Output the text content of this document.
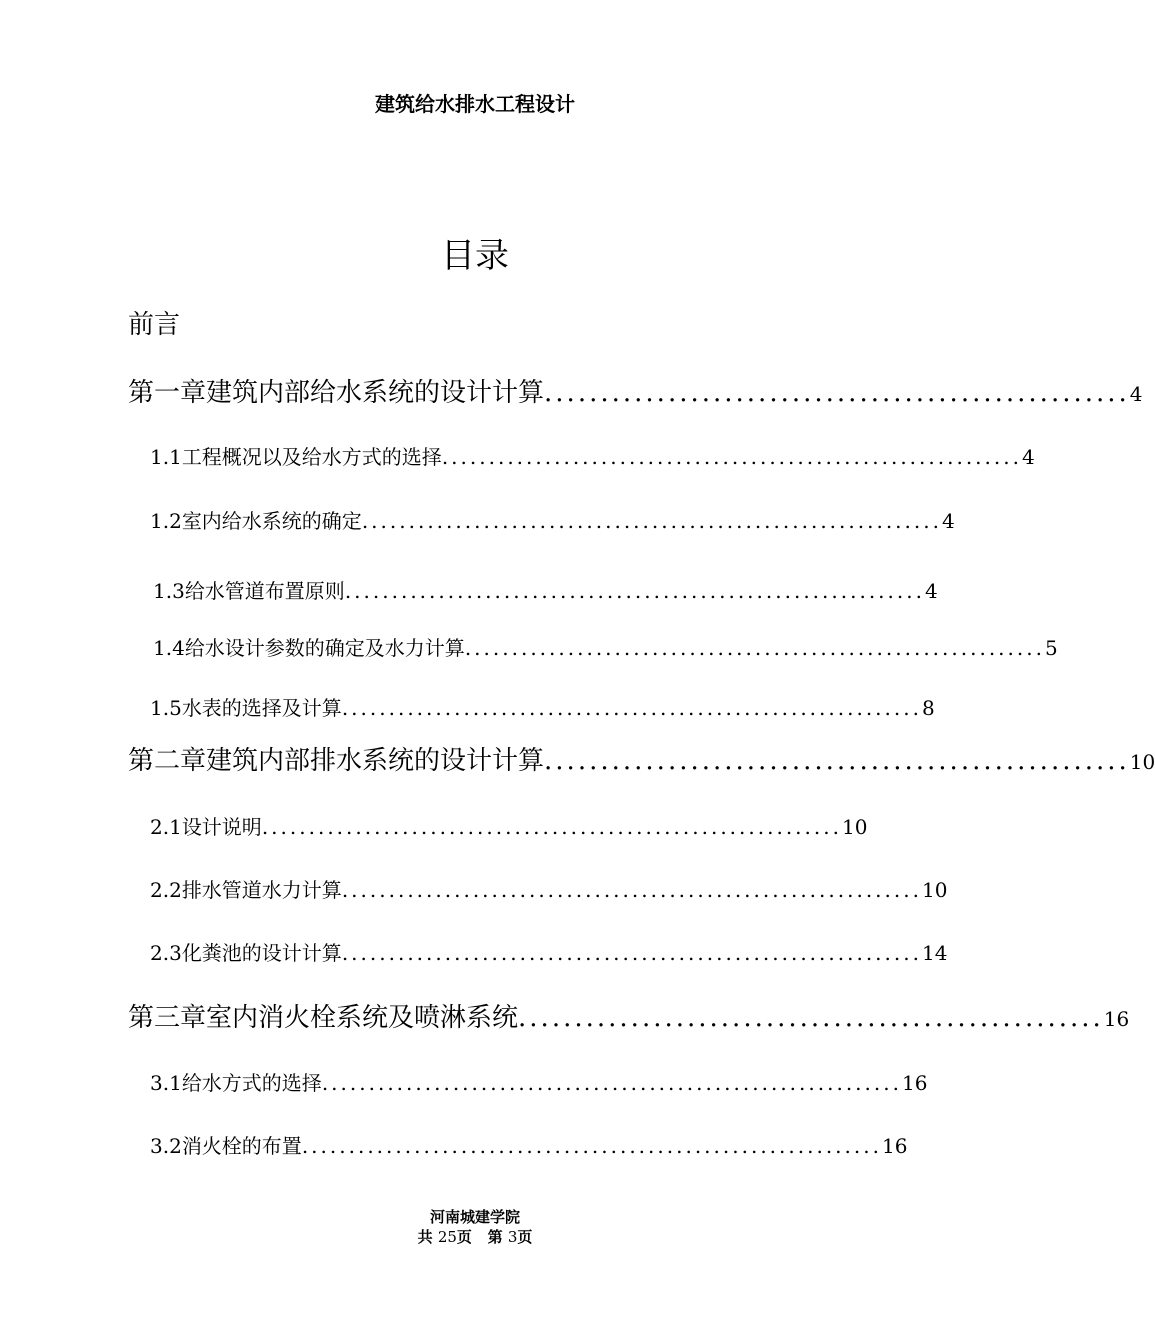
建筑给水排水工程设计
目录
前言
第一章 建筑内部给水系统的设计计算 .................................................... 4
1.1 工程概况以及给水方式的选择 .............................................................. 4
1.2 室内给水系统的确定 .............................................................. 4
1.3 给水管道布置原则 .............................................................. 4
1.4 给水设计参数的确定及水力计算 .............................................................. 5
1.5 水表的选择及计算 .............................................................. 8
第二章 建筑内部排水系统的设计计算 .................................................... 10
2.1 设计说明 .............................................................. 10
2.2 排水管道水力计算 .............................................................. 10
2.3 化粪池的设计计算 .............................................................. 14
第三章 室内消火栓系统及喷淋系统 .................................................... 16
3.1 给水方式的选择 .............................................................. 16
3.2 消火栓的布置 .............................................................. 16
河南城建学院
共 25页 第 3页
